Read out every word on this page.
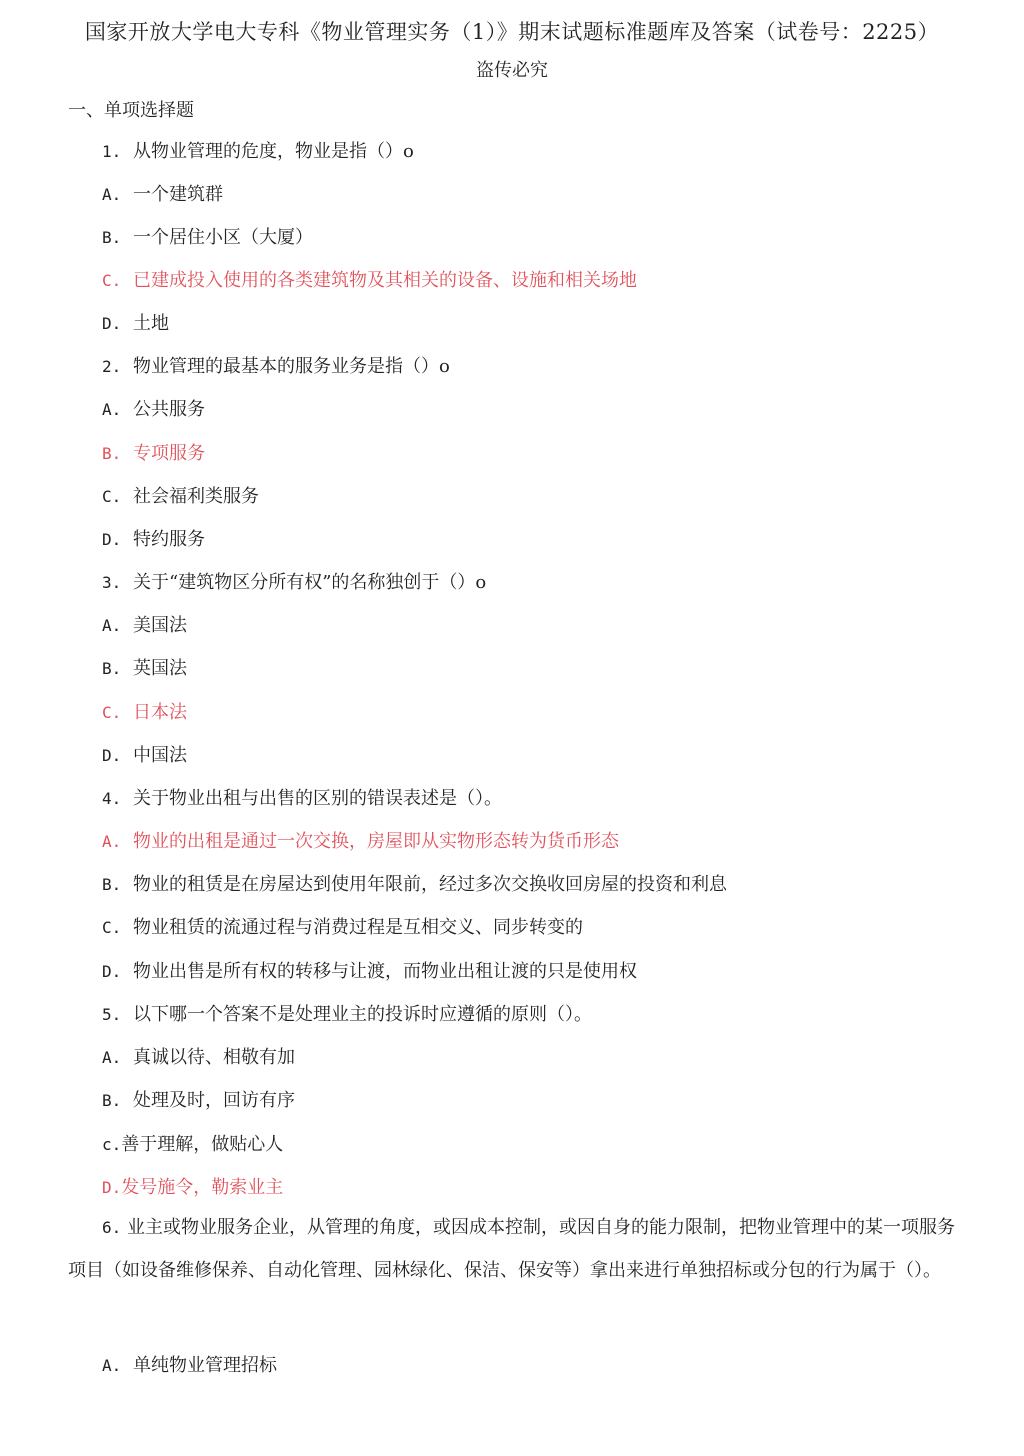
国家开放大学电大专科《物业管理实务（1）》期末试题标准题库及答案（试卷号：2225）
盗传必究
一、单项选择题
1. 从物业管理的危度，物业是指（）o
A. 一个建筑群
B. 一个居住小区（大厦）
C. 已建成投入使用的各类建筑物及其相关的设备、设施和相关场地
D. 土地
2. 物业管理的最基本的服务业务是指（）o
A. 公共服务
B. 专项服务
C. 社会福利类服务
D. 特约服务
3. 关于“建筑物区分所有权”的名称独创于（）o
A. 美国法
B. 英国法
C. 日本法
D. 中国法
4. 关于物业出租与出售的区别的错误表述是（）。
A. 物业的出租是通过一次交换，房屋即从实物形态转为货币形态
B. 物业的租赁是在房屋达到使用年限前，经过多次交换收回房屋的投资和利息
C. 物业租赁的流通过程与消费过程是互相交义、同步转变的
D. 物业出售是所有权的转移与让渡，而物业出租让渡的只是使用权
5. 以下哪一个答案不是处理业主的投诉时应遵循的原则（）。
A. 真诚以待、相敬有加
B. 处理及时，回访有序
c.善于理解，做贴心人
D.发号施令，勒索业主
6. 业主或物业服务企业，从管理的角度，或因成本控制，或因自身的能力限制，把物业管理中的某一项服务项目（如设备维修保养、自动化管理、园林绿化、保洁、保安等）拿出来进行单独招标或分包的行为属于（）。
A. 单纯物业管理招标
